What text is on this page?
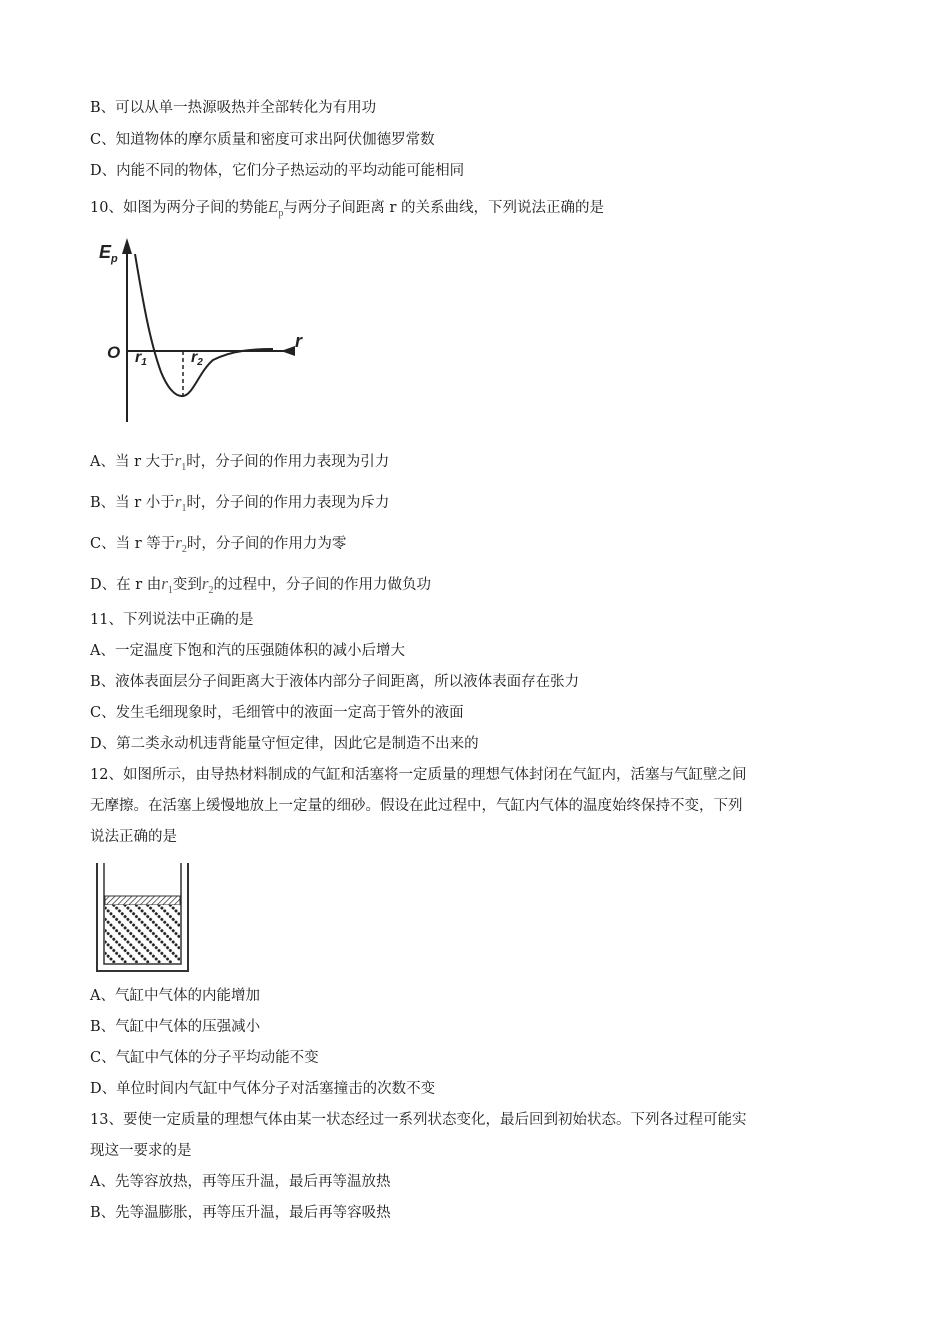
B、可以从单一热源吸热并全部转化为有用功
C、知道物体的摩尔质量和密度可求出阿伏伽德罗常数
D、内能不同的物体，它们分子热运动的平均动能可能相同
10、如图为两分子间的势能$E_p$与两分子间距离 r 的关系曲线，下列说法正确的是
$E_p$
O r1	r2
r
A、当 r 大于$r_1$时，分子间的作用力表现为引力
B、当 r 小于$r_1$时，分子间的作用力表现为斥力
C、当 r 等于$r_2$时，分子间的作用力为零
D、在 r 由$r_1$变到$r_2$的过程中，分子间的作用力做负功
11、下列说法中正确的是
A、一定温度下饱和汽的压强随体积的减小后增大
B、液体表面层分子间距离大于液体内部分子间距离，所以液体表面存在张力
C、发生毛细现象时，毛细管中的液面一定高于管外的液面
D、第二类永动机违背能量守恒定律，因此它是制造不出来的
12、如图所示，由导热材料制成的气缸和活塞将一定质量的理想气体封闭在气缸内，活塞与气缸壁之间
无摩擦。在活塞上缓慢地放上一定量的细砂。假设在此过程中，气缸内气体的温度始终保持不变，下列
说法正确的是
A、气缸中气体的内能增加
B、气缸中气体的压强减小
C、气缸中气体的分子平均动能不变
D、单位时间内气缸中气体分子对活塞撞击的次数不变
13、要使一定质量的理想气体由某一状态经过一系列状态变化，最后回到初始状态。下列各过程可能实
现这一要求的是
A、先等容放热，再等压升温，最后再等温放热
B、先等温膨胀，再等压升温，最后再等容吸热
